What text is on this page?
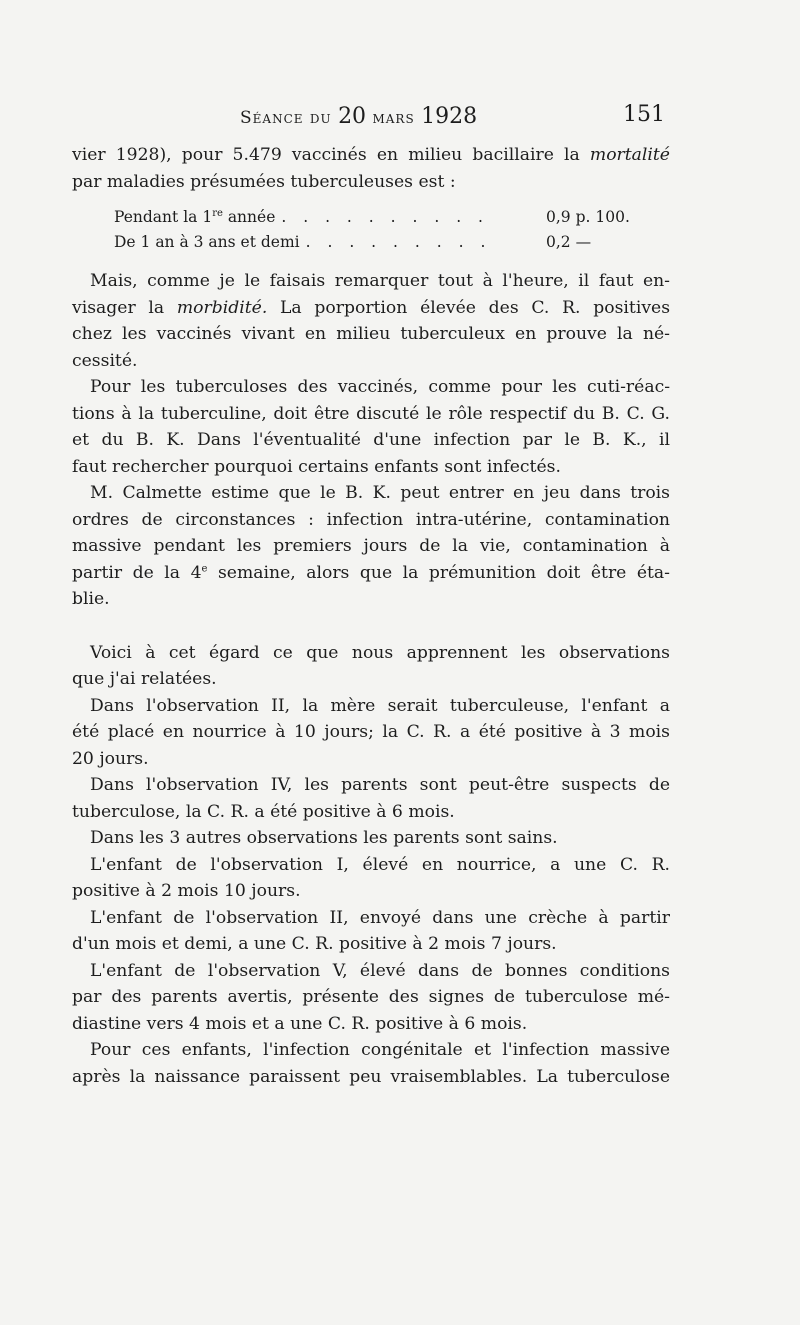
Séance du 20 mars 1928	151

vier 1928), pour 5.479 vaccinés en milieu bacillaire la mortalité
par maladies présumées tuberculeuses est :

Pendant la 1re année . . . . . . . . . .	0,9 p. 100.
De 1 an à 3 ans et demi . . . . . . . . .	0,2 —

Mais, comme je le faisais remarquer tout à l'heure, il faut en-
visager la morbidité. La porportion élevée des C. R. positives
chez les vaccinés vivant en milieu tuberculeux en prouve la né-
cessité.

Pour les tuberculoses des vaccinés, comme pour les cuti-réac-
tions à la tuberculine, doit être discuté le rôle respectif du B. C. G.
et du B. K. Dans l'éventualité d'une infection par le B. K., il
faut rechercher pourquoi certains enfants sont infectés.

M. Calmette estime que le B. K. peut entrer en jeu dans trois
ordres de circonstances : infection intra-utérine, contamination
massive pendant les premiers jours de la vie, contamination à
partir de la 4e semaine, alors que la prémunition doit être éta-
blie.

Voici à cet égard ce que nous apprennent les observations
que j'ai relatées.

Dans l'observation II, la mère serait tuberculeuse, l'enfant a
été placé en nourrice à 10 jours; la C. R. a été positive à 3 mois
20 jours.

Dans l'observation IV, les parents sont peut-être suspects de
tuberculose, la C. R. a été positive à 6 mois.

Dans les 3 autres observations les parents sont sains.

L'enfant de l'observation I, élevé en nourrice, a une C. R.
positive à 2 mois 10 jours.

L'enfant de l'observation II, envoyé dans une crèche à partir
d'un mois et demi, a une C. R. positive à 2 mois 7 jours.

L'enfant de l'observation V, élevé dans de bonnes conditions
par des parents avertis, présente des signes de tuberculose mé-
diastine vers 4 mois et a une C. R. positive à 6 mois.

Pour ces enfants, l'infection congénitale et l'infection massive
après la naissance paraissent peu vraisemblables. La tuberculose
